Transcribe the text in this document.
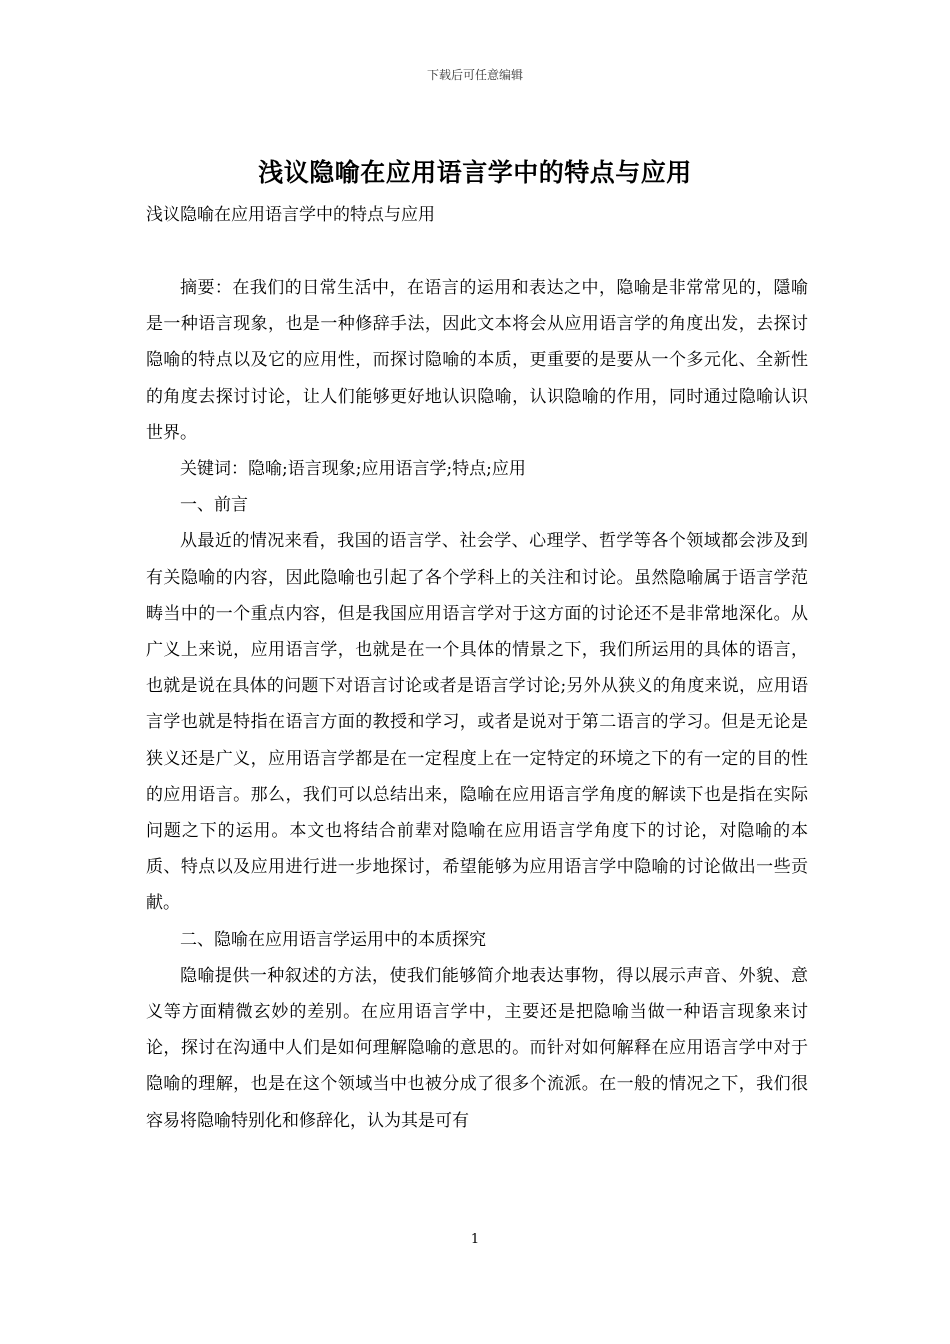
下载后可任意编辑
浅议隐喻在应用语言学中的特点与应用
浅议隐喻在应用语言学中的特点与应用

摘要：在我们的日常生活中，在语言的运用和表达之中，隐喻是非常常见的，隱喻是一种语言现象，也是一种修辞手法，因此文本将会从应用语言学的角度出发，去探讨隐喻的特点以及它的应用性，而探讨隐喻的本质，更重要的是要从一个多元化、全新性的角度去探讨讨论，让人们能够更好地认识隐喻，认识隐喻的作用，同时通过隐喻认识世界。

关键词：隐喻;语言现象;应用语言学;特点;应用

一、前言

从最近的情况来看，我国的语言学、社会学、心理学、哲学等各个领域都会涉及到有关隐喻的内容，因此隐喻也引起了各个学科上的关注和讨论。虽然隐喻属于语言学范畴当中的一个重点内容，但是我国应用语言学对于这方面的讨论还不是非常地深化。从广义上来说，应用语言学，也就是在一个具体的情景之下，我们所运用的具体的语言，也就是说在具体的问题下对语言讨论或者是语言学讨论;另外从狭义的角度来说，应用语言学也就是特指在语言方面的教授和学习，或者是说对于第二语言的学习。但是无论是狭义还是广义，应用语言学都是在一定程度上在一定特定的环境之下的有一定的目的性的应用语言。那么，我们可以总结出来，隐喻在应用语言学角度的解读下也是指在实际问题之下的运用。本文也将结合前辈对隐喻在应用语言学角度下的讨论，对隐喻的本质、特点以及应用进行进一步地探讨，希望能够为应用语言学中隐喻的讨论做出一些贡献。

二、隐喻在应用语言学运用中的本质探究

隐喻提供一种叙述的方法，使我们能够简介地表达事物，得以展示声音、外貌、意义等方面精微玄妙的差别。在应用语言学中，主要还是把隐喻当做一种语言现象来讨论，探讨在沟通中人们是如何理解隐喻的意思的。而针对如何解释在应用语言学中对于隐喻的理解，也是在这个领域当中也被分成了很多个流派。在一般的情况之下，我们很容易将隐喻特别化和修辞化，认为其是可有

1
